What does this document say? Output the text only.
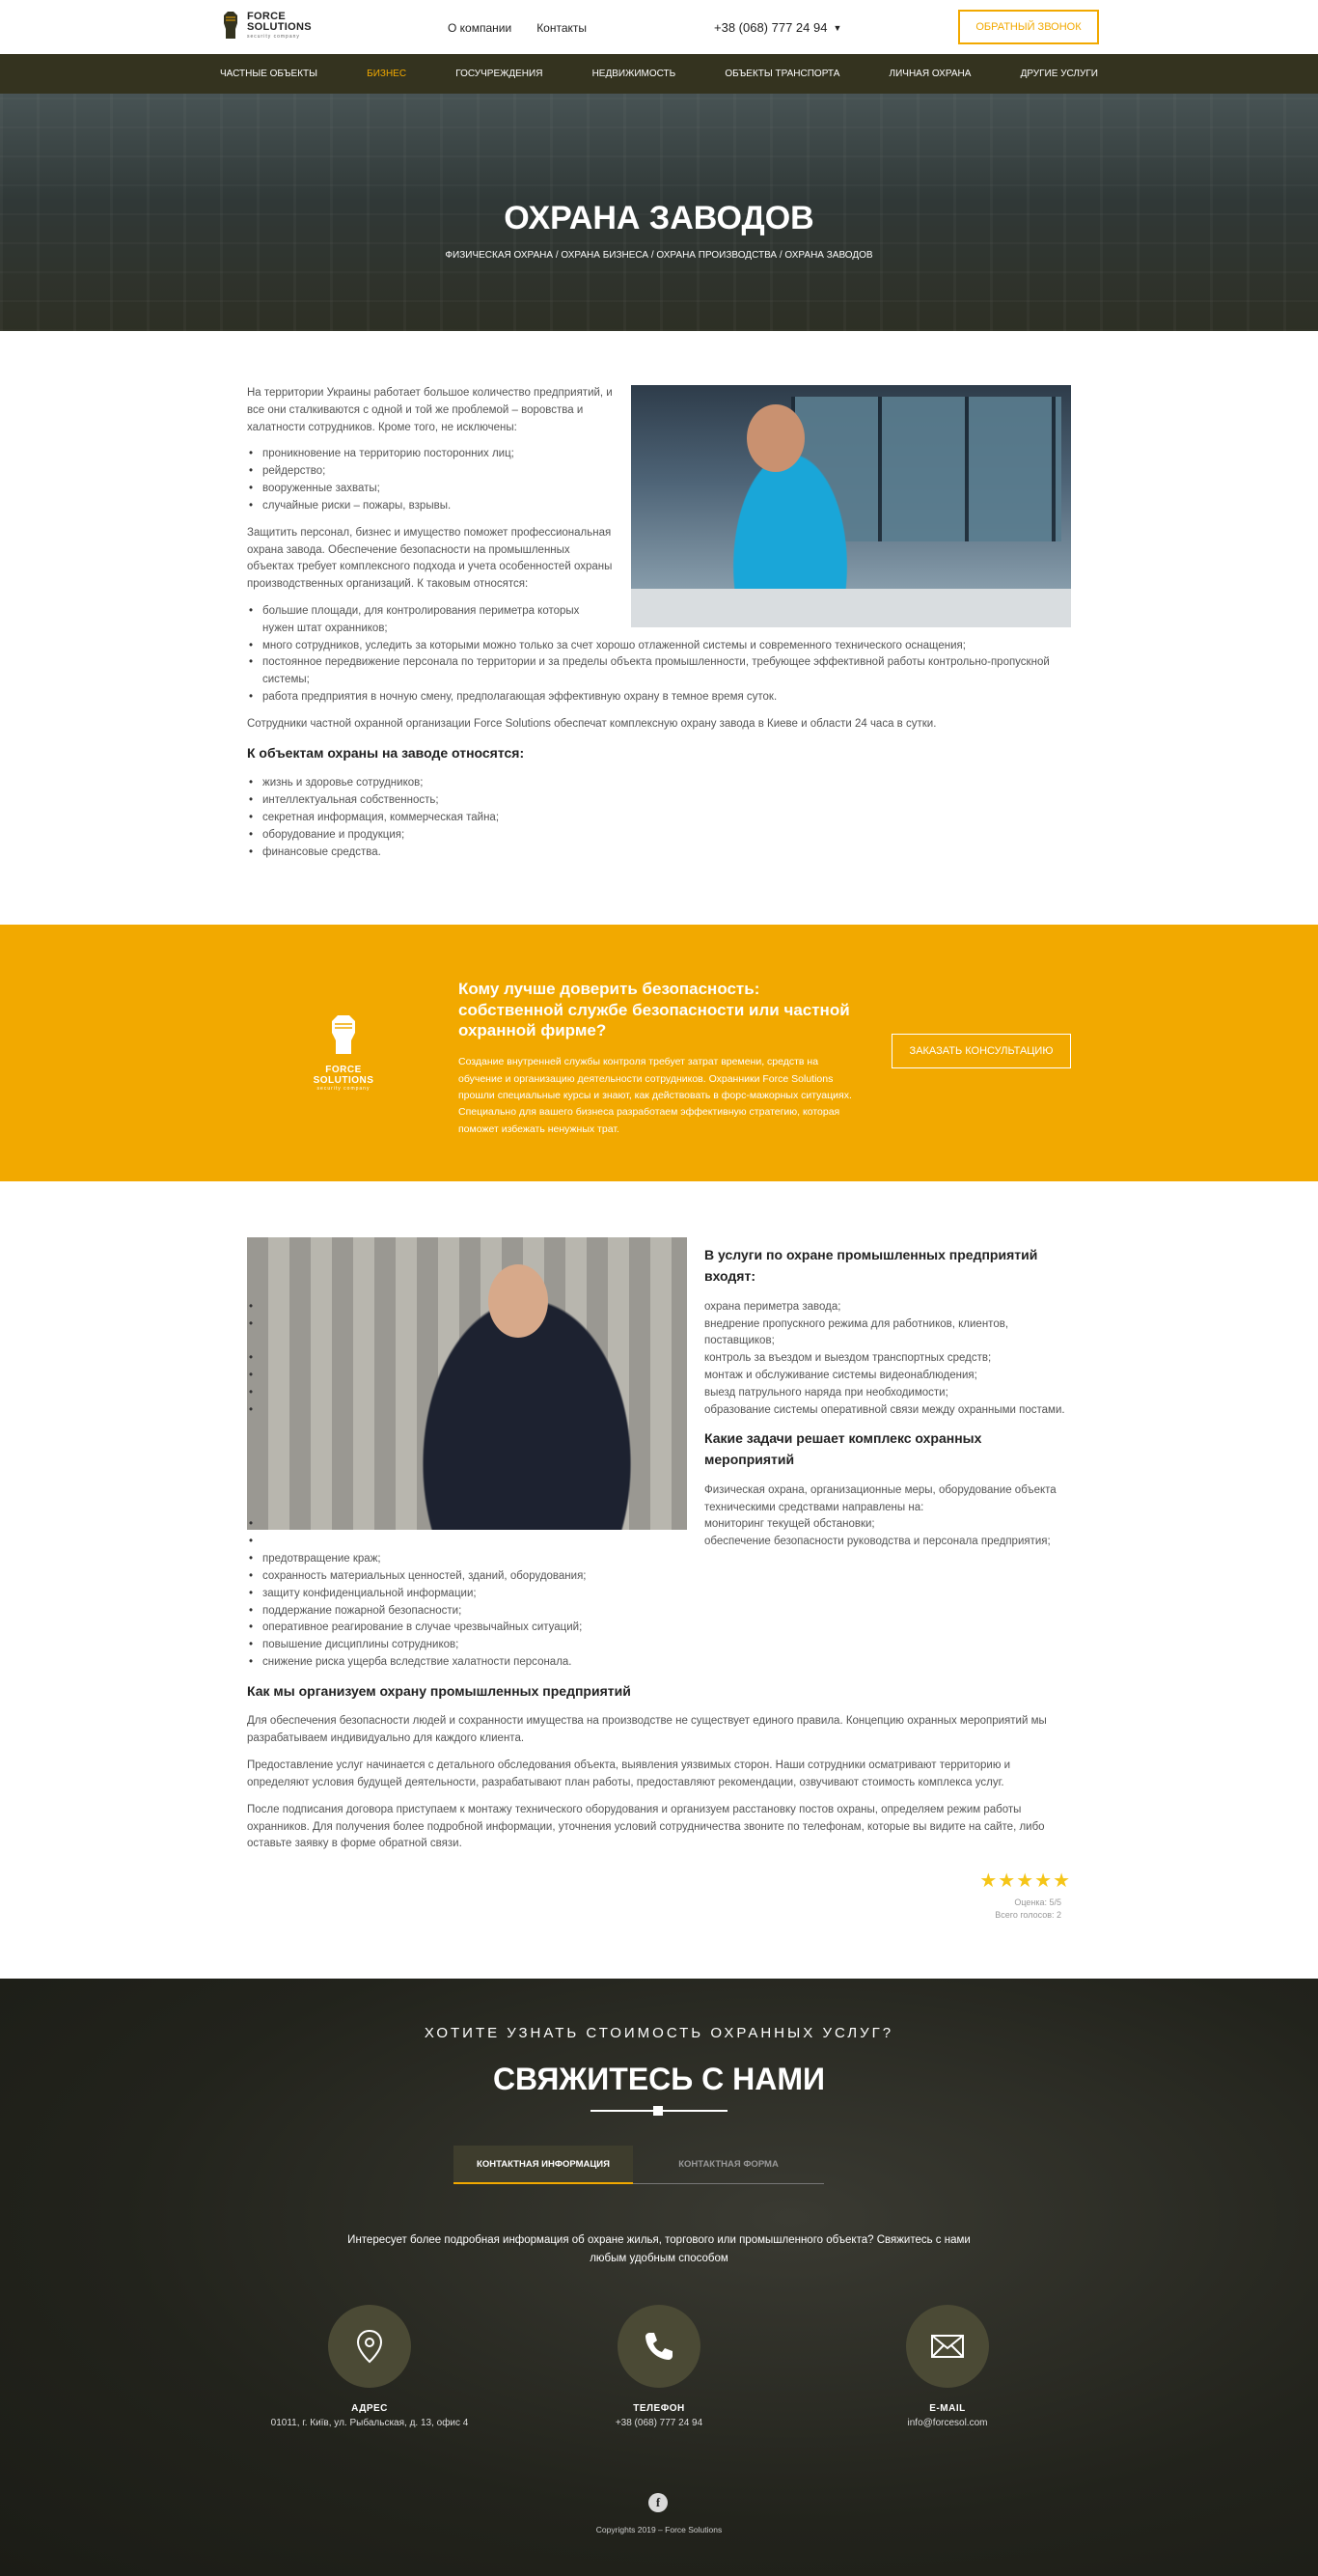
FORCE SOLUTIONS
security company
О компании Контакты	+38 (068) 777 24 94 ▼	ОБРАТНЫЙ ЗВОНОК
ЧАСТНЫЕ ОБЪЕКТЫ	БИЗНЕС	ГОСУЧРЕЖДЕНИЯ	НЕДВИЖИМОСТЬ	ОБЪЕКТЫ ТРАНСПОРТА	ЛИЧНАЯ ОХРАНА	ДРУГИЕ УСЛУГИ
ОХРАНА ЗАВОДОВ
ФИЗИЧЕСКАЯ ОХРАНА / ОХРАНА БИЗНЕСА / ОХРАНА ПРОИЗВОДСТВА / ОХРАНА ЗАВОДОВ

На территории Украины работает большое количество предприятий, и все они сталкиваются с одной и той же проблемой – воровства и халатности сотрудников. Кроме того, не исключены:

• проникновение на территорию посторонних лиц;
• рейдерство;
• вооруженные захваты;
• случайные риски – пожары, взрывы.

Защитить персонал, бизнес и имущество поможет профессиональная охрана завода. Обеспечение безопасности на промышленных объектах требует комплексного подхода и учета особенностей охраны производственных организаций. К таковым относятся:

• большие площади, для контролирования периметра которых нужен штат охранников;
• много сотрудников, уследить за которыми можно только за счет хорошо отлаженной системы и современного технического оснащения;
• постоянное передвижение персонала по территории и за пределы объекта промышленности, требующее эффективной работы контрольно-пропускной системы;
• работа предприятия в ночную смену, предполагающая эффективную охрану в темное время суток.

Сотрудники частной охранной организации Force Solutions обеспечат комплексную охрану завода в Киеве и области 24 часа в сутки.

К объектам охраны на заводе относятся:
• жизнь и здоровье сотрудников;
• интеллектуальная собственность;
• секретная информация, коммерческая тайна;
• оборудование и продукция;
• финансовые средства.
FORCE SOLUTIONS
security company
Кому лучше доверить безопасность: собственной службе безопасности или частной охранной фирме?

Создание внутренней службы контроля требует затрат времени, средств на обучение и организацию деятельности сотрудников. Охранники Force Solutions прошли специальные курсы и знают, как действовать в форс-мажорных ситуациях. Специально для вашего бизнеса разработаем эффективную стратегию, которая поможет избежать ненужных трат.

ЗАКАЗАТЬ КОНСУЛЬТАЦИЮ
В услуги по охране промышленных предприятий входят:
• охрана периметра завода;
• внедрение пропускного режима для работников, клиентов, поставщиков;
• контроль за въездом и выездом транспортных средств;
• монтаж и обслуживание системы видеонаблюдения;
• выезд патрульного наряда при необходимости;
• образование системы оперативной связи между охранными постами.
Какие задачи решает комплекс охранных мероприятий

Физическая охрана, организационные меры, оборудование объекта техническими средствами направлены на:

• мониторинг текущей обстановки;
• обеспечение безопасности руководства и персонала предприятия;
• предотвращение краж;
• сохранность материальных ценностей, зданий, оборудования;
• защиту конфиденциальной информации;
• поддержание пожарной безопасности;
• оперативное реагирование в случае чрезвычайных ситуаций;
• повышение дисциплины сотрудников;
• снижение риска ущерба вследствие халатности персонала.
Как мы организуем охрану промышленных предприятий

Для обеспечения безопасности людей и сохранности имущества на производстве не существует единого правила. Концепцию охранных мероприятий мы разрабатываем индивидуально для каждого клиента.

Предоставление услуг начинается с детального обследования объекта, выявления уязвимых сторон. Наши сотрудники осматривают территорию и определяют условия будущей деятельности, разрабатывают план работы, предоставляют рекомендации, озвучивают стоимость комплекса услуг.

После подписания договора приступаем к монтажу технического оборудования и организуем расстановку постов охраны, определяем режим работы охранников. Для получения более подробной информации, уточнения условий сотрудничества звоните по телефонам, которые вы видите на сайте, либо оставьте заявку в форме обратной связи.

★★★★★
Оценка: 5/5
Всего голосов: 2
ХОТИТЕ УЗНАТЬ СТОИМОСТЬ ОХРАННЫХ УСЛУГ?
СВЯЖИТЕСЬ С НАМИ
КОНТАКТНАЯ ИНФОРМАЦИЯ	КОНТАКТНАЯ ФОРМА

Интересует более подробная информация об охране жилья, торгового или промышленного объекта? Свяжитесь с нами любым удобным способом

АДРЕС
01011, г. Київ, ул. Рыбальская, д. 13, офис 4
ТЕЛЕФОН
+38 (068) 777 24 94
E-MAIL
info@forcesol.com
f
Copyrights 2019 – Force Solutions
